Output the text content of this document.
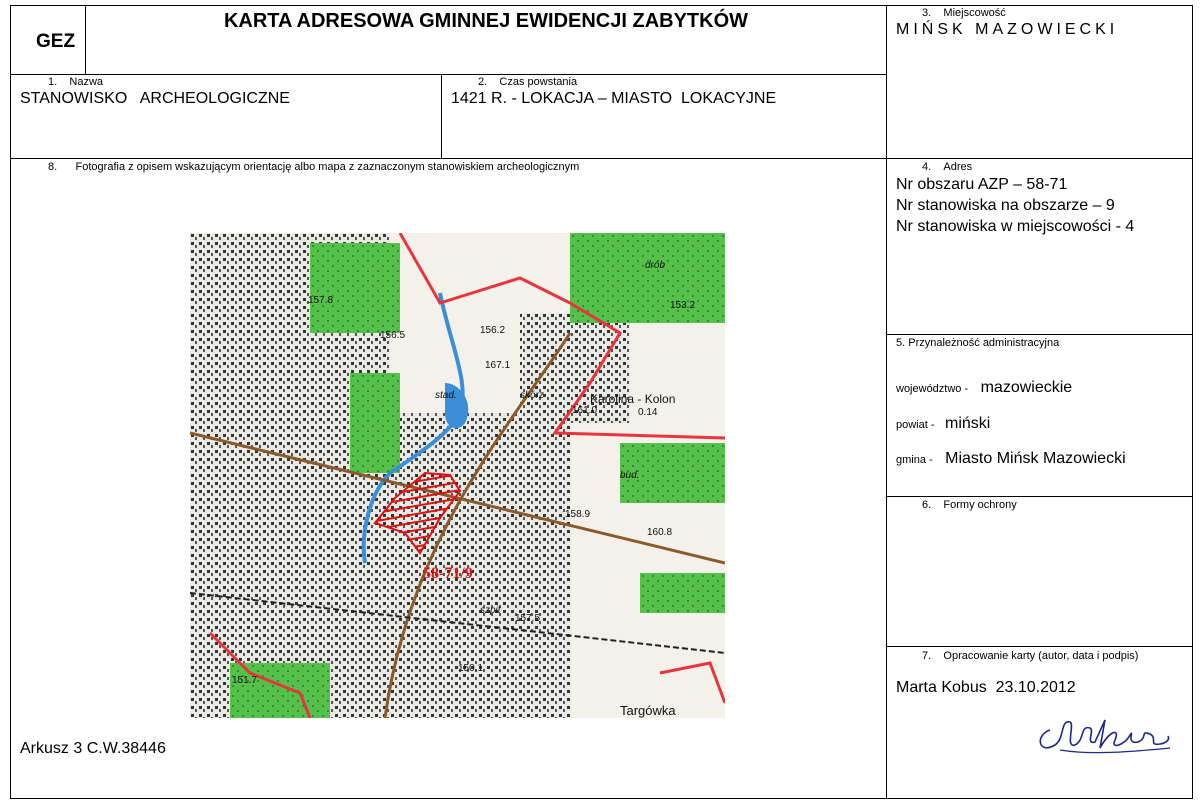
GEZ
KARTA ADRESOWA GMINNEJ EWIDENCJI ZABYTKÓW	3. Miejscowość
MIŃSK MAZOWIECKI
1. Nazwa
STANOWISKO   ARCHEOLOGICZNE
2. Czas powstania
1421 R. - LOKACJA – MIASTO  LOKACYJNE
8. Fotografia z opisem wskazującym orientację albo mapa z zaznaczonym stanowiskiem archeologicznym	4. Adres
Nr obszaru AZP – 58-71
Nr stanowiska na obszarze – 9
Nr stanowiska w miejscowości - 4
5. Przynależność administracyjna
województwo - mazowieckie
powiat - miński
gmina - Miasto Mińsk Mazowiecki
6. Formy ochrony
7. Opracowanie karty (autor, data i podpis)
Marta Kobus  23.10.2012
Arkusz 3 C.W.38446
58-71/9
Karolina - Kolon
Targówka
skórz
bud.
stad.
szpit
drób
153.2
156.2
167.1
161.0	0.14
157.8
156.5
160.8
157.5
150.1
158.9
151.7
